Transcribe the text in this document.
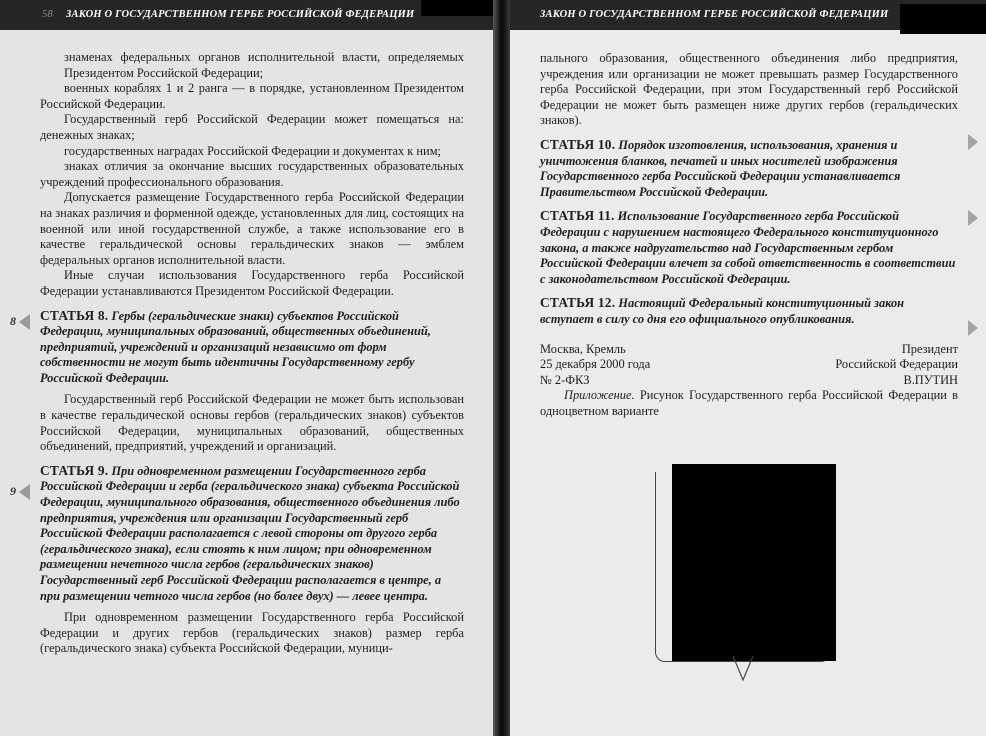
58 ЗАКОН О ГОСУДАРСТВЕННОМ ГЕРБЕ РОССИЙСКОЙ ФЕДЕРАЦИИ

знаменах федеральных органов исполнительной власти, определяемых Президентом Российской Федерации;

военных кораблях 1 и 2 ранга — в порядке, установленном Президентом Российской Федерации.

Государственный герб Российской Федерации может помещаться на: денежных знаках;

государственных наградах Российской Федерации и документах к ним;

знаках отличия за окончание высших государственных образовательных учреждений профессионального образования.

Допускается размещение Государственного герба Российской Федерации на знаках различия и форменной одежде, установленных для лиц, состоящих на военной или иной государственной службе, а также использование его в качестве геральдической основы геральдических знаков — эмблем федеральных органов исполнительной власти.

Иные случаи использования Государственного герба Российской Федерации устанавливаются Президентом Российской Федерации.

СТАТЬЯ 8. Гербы (геральдические знаки) субъектов Российской Федерации, муниципальных образований, общественных объединений, предприятий, учреждений и организаций независимо от форм собственности не могут быть идентичны Государственному гербу Российской Федерации.

Государственный герб Российской Федерации не может быть использован в качестве геральдической основы гербов (геральдических знаков) субъектов Российской Федерации, муниципальных образований, общественных объединений, предприятий, учреждений и организаций.

СТАТЬЯ 9. При одновременном размещении Государственного герба Российской Федерации и герба (геральдического знака) субъекта Российской Федерации, муниципального образования, общественного объединения либо предприятия, учреждения или организации Государственный герб Российской Федерации располагается с левой стороны от другого герба (геральдического знака), если стоять к ним лицом; при одновременном размещении нечетного числа гербов (геральдических знаков) Государственный герб Российской Федерации располагается в центре, а при размещении четного числа гербов (но более двух) — левее центра.

При одновременном размещении Государственного герба Российской Федерации и других гербов (геральдических знаков) размер герба (геральдического знака) субъекта Российской Федерации, муници-

8
9
ЗАКОН О ГОСУДАРСТВЕННОМ ГЕРБЕ РОССИЙСКОЙ ФЕДЕРАЦИИ

пального образования, общественного объединения либо предприятия, учреждения или организации не может превышать размер Государственного герба Российской Федерации, при этом Государственный герб Российской Федерации не может быть размещен ниже других гербов (геральдических знаков).

СТАТЬЯ 10. Порядок изготовления, использования, хранения и уничтожения бланков, печатей и иных носителей изображения Государственного герба Российской Федерации устанавливается Правительством Российской Федерации.

СТАТЬЯ 11. Использование Государственного герба Российской Федерации с нарушением настоящего Федерального конституционного закона, а также надругательство над Государственным гербом Российской Федерации влечет за собой ответственность в соответствии с законодательством Российской Федерации.

СТАТЬЯ 12. Настоящий Федеральный конституционный закон вступает в силу со дня его официального опубликования.

Москва, Кремль
25 декабря 2000 года
№ 2-ФКЗ
Президент
Российской Федерации
В.ПУТИН

Приложение. Рисунок Государственного герба Российской Федерации в одноцветном варианте
